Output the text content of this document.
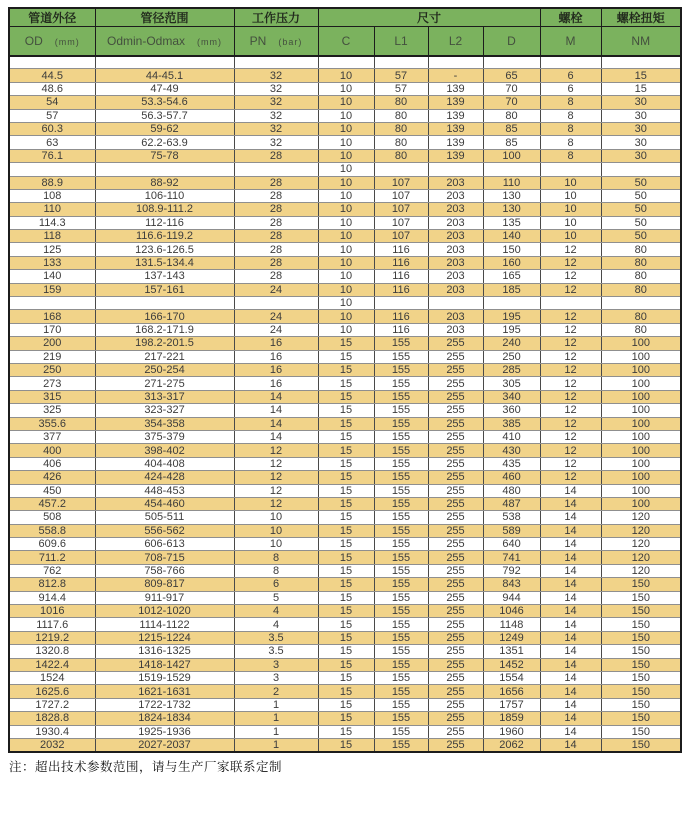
管道外径	管径范围	工作压力	尺寸				螺栓	螺栓扭矩
OD (mm)	Odmin-Odmax (mm)	PN (bar)	C	L1	L2	D	M	NM

44.5	44-45.1	32	10	57	-	65	6	15
48.6	47-49	32	10	57	139	70	6	15
54	53.3-54.6	32	10	80	139	70	8	30
57	56.3-57.7	32	10	80	139	80	8	30
60.3	59-62	32	10	80	139	85	8	30
63	62.2-63.9	32	10	80	139	85	8	30
76.1	75-78	28	10	80	139	100	8	30
			10					
88.9	88-92	28	10	107	203	110	10	50
108	106-110	28	10	107	203	130	10	50
110	108.9-111.2	28	10	107	203	130	10	50
114.3	112-116	28	10	107	203	135	10	50
118	116.6-119.2	28	10	107	203	140	10	50
125	123.6-126.5	28	10	116	203	150	12	80
133	131.5-134.4	28	10	116	203	160	12	80
140	137-143	28	10	116	203	165	12	80
159	157-161	24	10	116	203	185	12	80
			10					
168	166-170	24	10	116	203	195	12	80
170	168.2-171.9	24	10	116	203	195	12	80
200	198.2-201.5	16	15	155	255	240	12	100
219	217-221	16	15	155	255	250	12	100
250	250-254	16	15	155	255	285	12	100
273	271-275	16	15	155	255	305	12	100
315	313-317	14	15	155	255	340	12	100
325	323-327	14	15	155	255	360	12	100
355.6	354-358	14	15	155	255	385	12	100
377	375-379	14	15	155	255	410	12	100
400	398-402	12	15	155	255	430	12	100
406	404-408	12	15	155	255	435	12	100
426	424-428	12	15	155	255	460	12	100
450	448-453	12	15	155	255	480	14	100
457.2	454-460	12	15	155	255	487	14	100
508	505-511	10	15	155	255	538	14	120
558.8	556-562	10	15	155	255	589	14	120
609.6	606-613	10	15	155	255	640	14	120
711.2	708-715	8	15	155	255	741	14	120
762	758-766	8	15	155	255	792	14	120
812.8	809-817	6	15	155	255	843	14	150
914.4	911-917	5	15	155	255	944	14	150
1016	1012-1020	4	15	155	255	1046	14	150
1117.6	1114-1122	4	15	155	255	1148	14	150
1219.2	1215-1224	3.5	15	155	255	1249	14	150
1320.8	1316-1325	3.5	15	155	255	1351	14	150
1422.4	1418-1427	3	15	155	255	1452	14	150
1524	1519-1529	3	15	155	255	1554	14	150
1625.6	1621-1631	2	15	155	255	1656	14	150
1727.2	1722-1732	1	15	155	255	1757	14	150
1828.8	1824-1834	1	15	155	255	1859	14	150
1930.4	1925-1936	1	15	155	255	1960	14	150
2032	2027-2037	1	15	155	255	2062	14	150
注：超出技术参数范围，请与生产厂家联系定制
